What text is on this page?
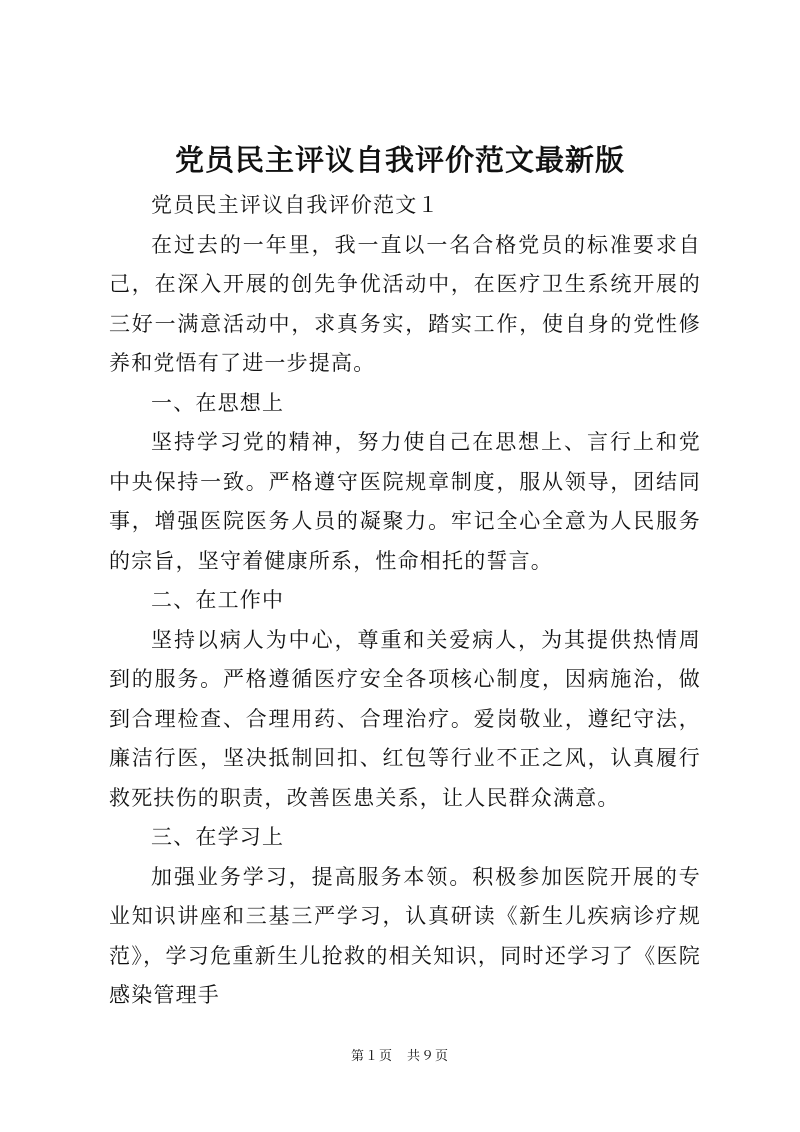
党员民主评议自我评价范文最新版

党员民主评议自我评价范文１

在过去的一年里，我一直以一名合格党员的标准要求自己，在深入开展的创先争优活动中，在医疗卫生系统开展的三好一满意活动中，求真务实，踏实工作，使自身的党性修养和党悟有了进一步提高。

一、在思想上

坚持学习党的精神，努力使自己在思想上、言行上和党中央保持一致。严格遵守医院规章制度，服从领导，团结同事，增强医院医务人员的凝聚力。牢记全心全意为人民服务的宗旨，坚守着健康所系，性命相托的誓言。

二、在工作中

坚持以病人为中心，尊重和关爱病人，为其提供热情周到的服务。严格遵循医疗安全各项核心制度，因病施治，做到合理检查、合理用药、合理治疗。爱岗敬业，遵纪守法，廉洁行医，坚决抵制回扣、红包等行业不正之风，认真履行救死扶伤的职责，改善医患关系，让人民群众满意。

三、在学习上

加强业务学习，提高服务本领。积极参加医院开展的专业知识讲座和三基三严学习，认真研读《新生儿疾病诊疗规范》，学习危重新生儿抢救的相关知识，同时还学习了《医院感染管理手

第１页　共９页
